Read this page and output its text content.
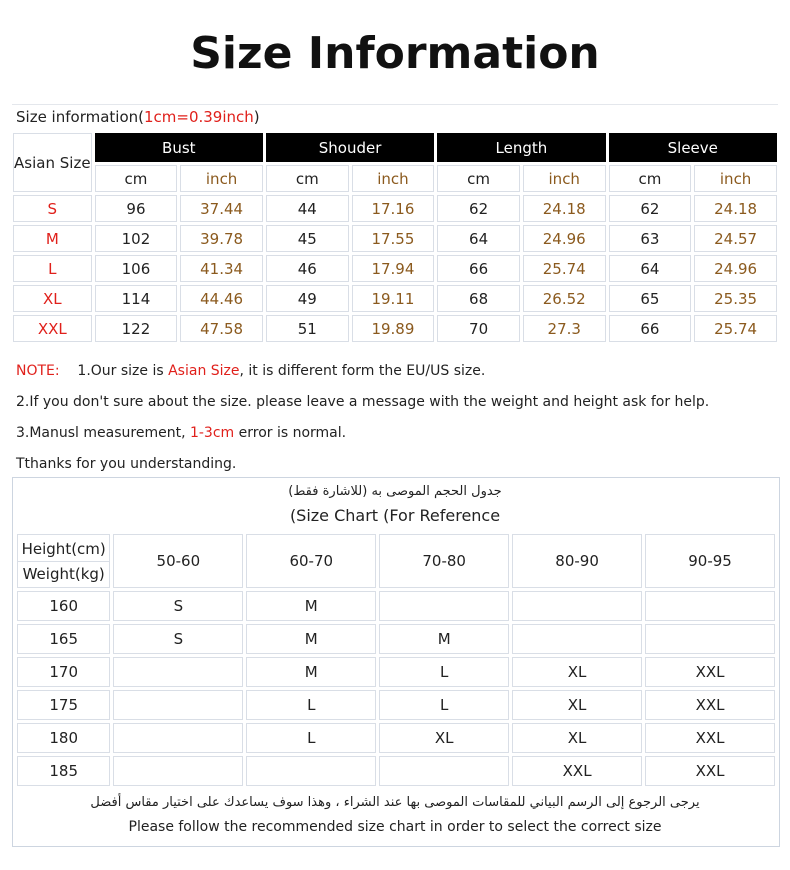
Size Information
Size information(1cm=0.39inch)
Asian Size	Bust		Shouder		Length		Sleeve	
	cm	inch	cm	inch	cm	inch	cm	inch
S	96	37.44	44	17.16	62	24.18	62	24.18
M	102	39.78	45	17.55	64	24.96	63	24.57
L	106	41.34	46	17.94	66	25.74	64	24.96
XL	114	44.46	49	19.11	68	26.52	65	25.35
XXL	122	47.58	51	19.89	70	27.3	66	25.74
NOTE: 1.Our size is Asian Size, it is different form the EU/US size.
2.If you don't sure about the size. please leave a message with the weight and height ask for help.
3.Manusl measurement, 1-3cm error is normal.
Tthanks for you understanding.
جدول الحجم الموصى به (للاشارة فقط)
(Size Chart (For Reference
Height(cm)
Weight(kg)	50-60	60-70	70-80	80-90	90-95
160	S	M			
165	S	M	M		
170		M	L	XL	XXL
175		L	L	XL	XXL
180		L	XL	XL	XXL
185				XXL	XXL
يرجى الرجوع إلى الرسم البياني للمقاسات الموصى بها عند الشراء ، وهذا سوف يساعدك على اختيار مقاس أفضل
Please follow the recommended size chart in order to select the correct size
